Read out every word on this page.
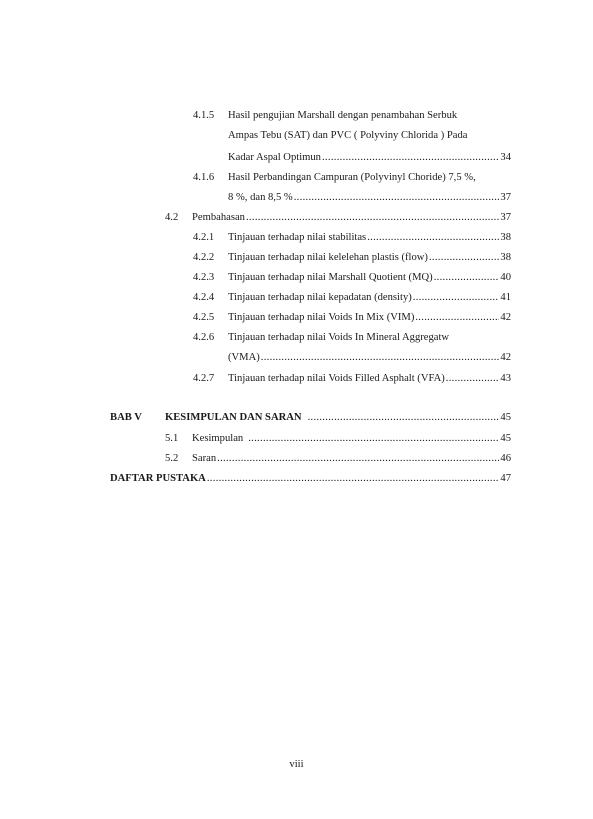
4.1.5	Hasil pengujian Marshall dengan penambahan Serbuk
Ampas Tebu (SAT) dan PVC ( Polyviny Chlorida ) Pada
Kadar Aspal Optimun .....	34
4.1.6	Hasil Perbandingan Campuran (Polyvinyl Choride) 7,5 %,
8 %, dan 8,5 % .....	37
4.2	Pembahasan .....	37
4.2.1	Tinjauan terhadap nilai stabilitas .....	38
4.2.2	Tinjauan terhadap nilai kelelehan plastis (flow) .....	38
4.2.3	Tinjauan terhadap nilai Marshall Quotient (MQ) .....	40
4.2.4	Tinjauan terhadap nilai kepadatan (density) .....	41
4.2.5	Tinjauan terhadap nilai Voids In Mix (VIM) .....	42
4.2.6	Tinjauan terhadap nilai Voids In Mineral Aggregatw
(VMA) .....	42
4.2.7	Tinjauan terhadap nilai Voids Filled Asphalt (VFA) .....	43
BAB V	KESIMPULAN DAN SARAN .....	45
5.1	Kesimpulan .....	45
5.2	Saran .....	46
DAFTAR PUSTAKA .....	47
viii
